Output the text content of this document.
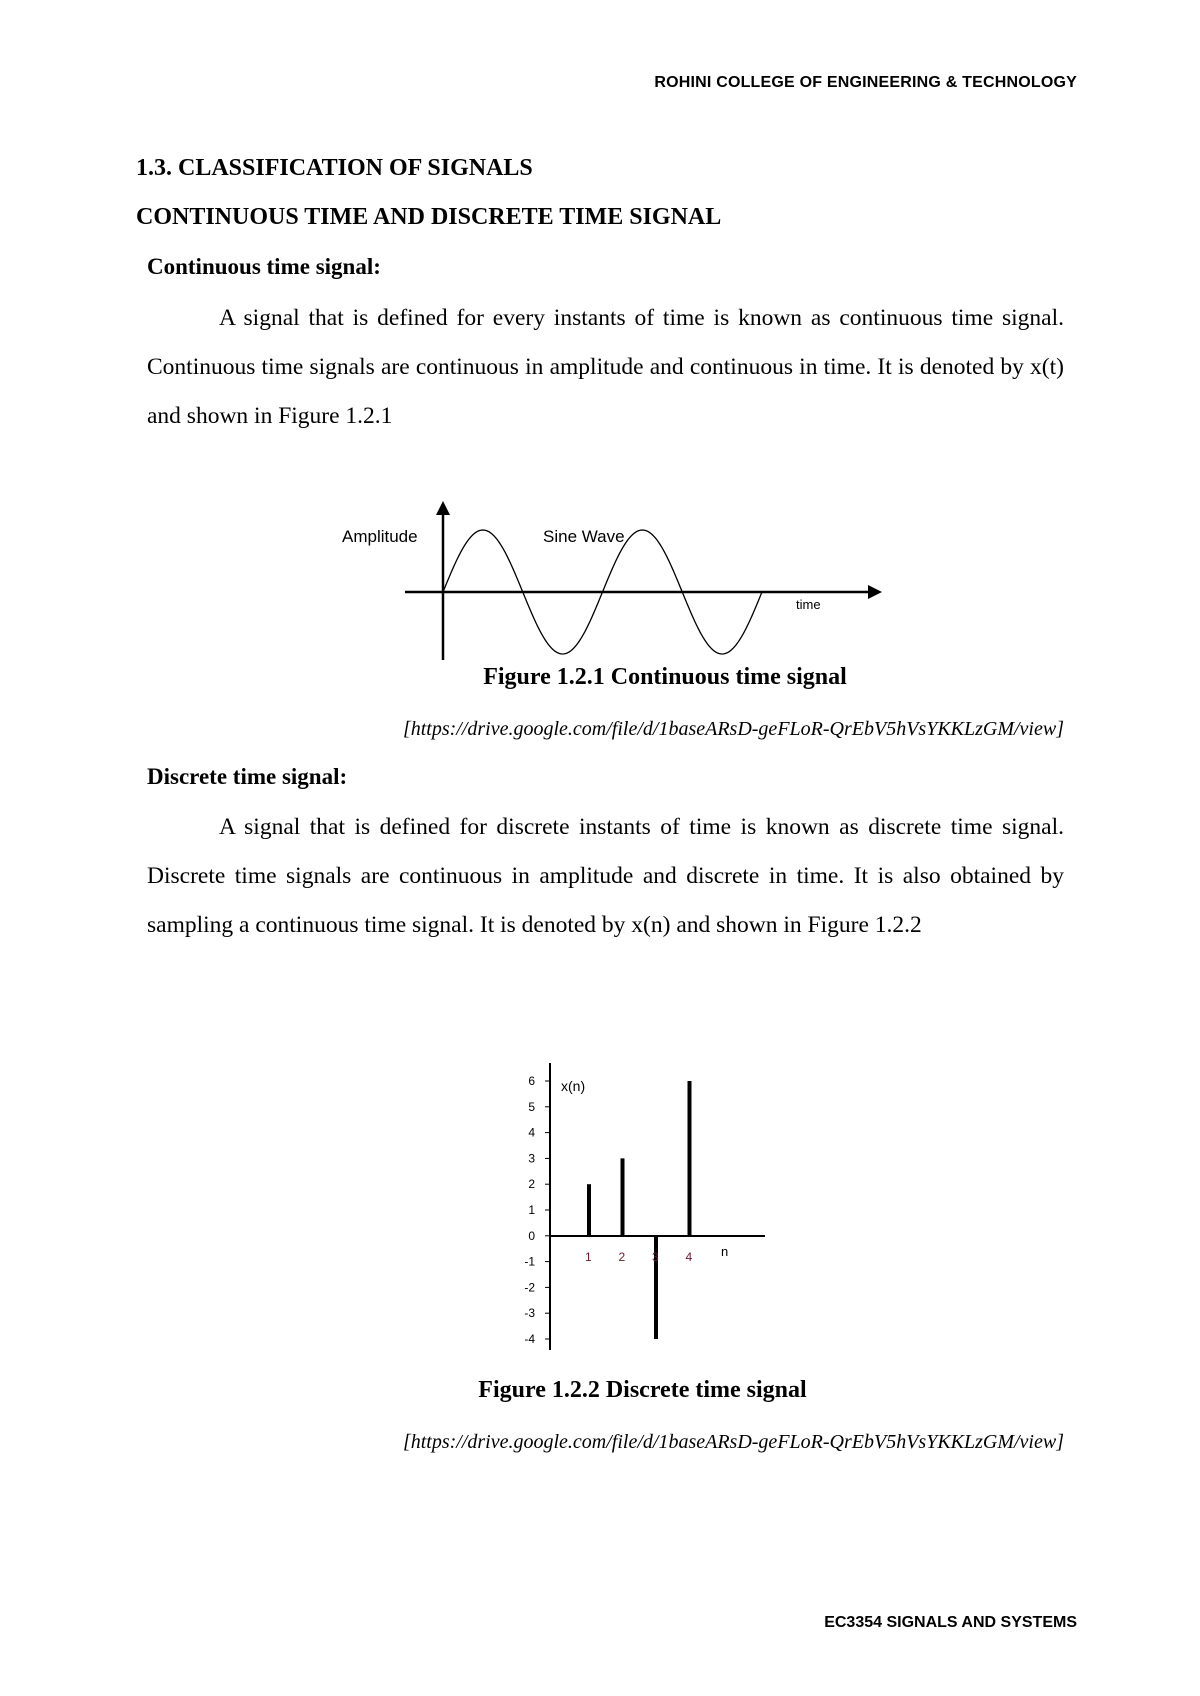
ROHINI COLLEGE OF ENGINEERING & TECHNOLOGY
1.3. CLASSIFICATION OF SIGNALS
CONTINUOUS TIME AND DISCRETE TIME SIGNAL
Continuous time signal:
A signal that is defined for every instants of time is known as continuous time signal. Continuous time signals are continuous in amplitude and continuous in time. It is denoted by x(t) and shown in Figure 1.2.1
Amplitude	Sine Wave
time
Figure 1.2.1 Continuous time signal
[https://drive.google.com/file/d/1baseARsD-geFLoR-QrEbV5hVsYKKLzGM/view]
Discrete time signal:
A signal that is defined for discrete instants of time is known as discrete time signal. Discrete time signals are continuous in amplitude and discrete in time. It is also obtained by sampling a continuous time signal. It is denoted by x(n) and shown in Figure 1.2.2
6
5
4
3
2
1
0
-1
-2
-3
-4
1 2 3 4
x(n)
n
Figure 1.2.2 Discrete time signal
[https://drive.google.com/file/d/1baseARsD-geFLoR-QrEbV5hVsYKKLzGM/view]
EC3354 SIGNALS AND SYSTEMS
